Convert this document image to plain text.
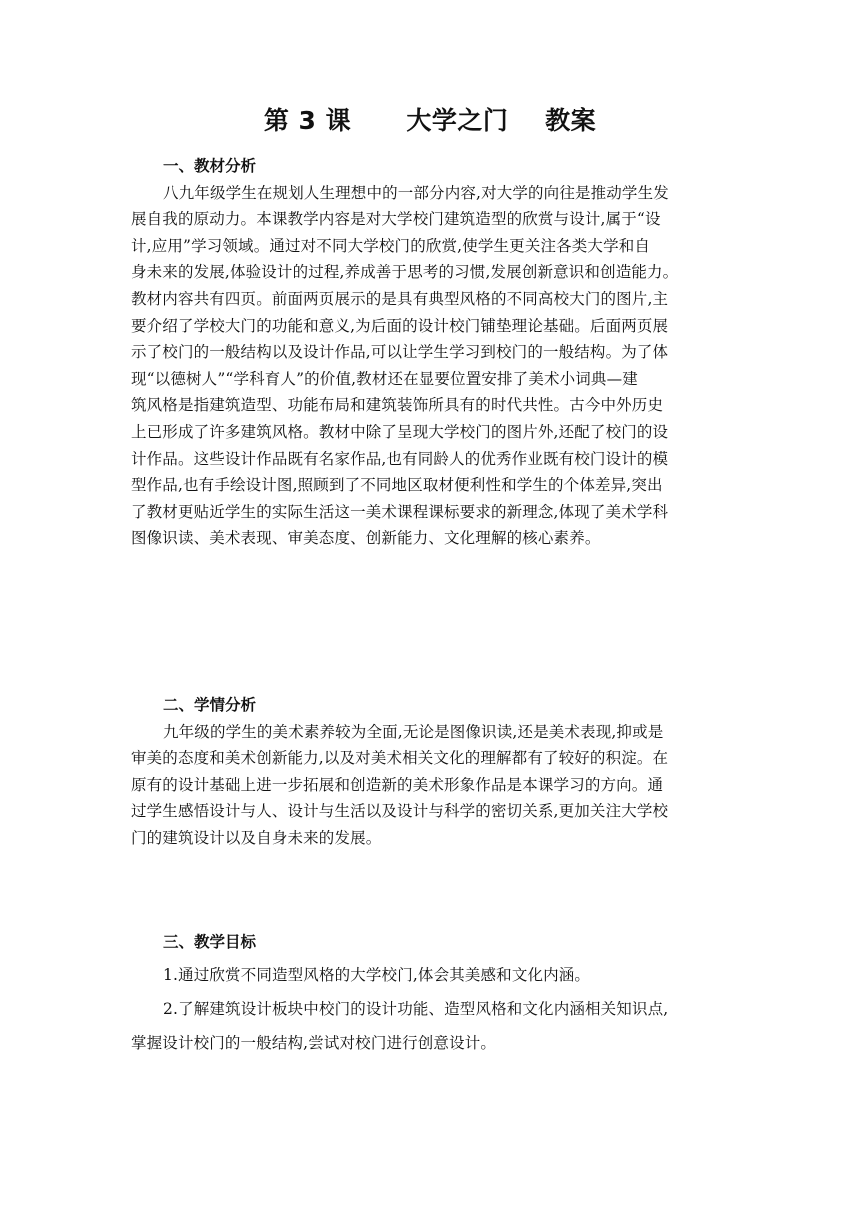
第 3 课      大学之门    教案
一、教材分析
八九年级学生在规划人生理想中的一部分内容,对大学的向往是推动学生发
展自我的原动力。本课教学内容是对大学校门建筑造型的欣赏与设计,属于“设
计,应用”学习领域。通过对不同大学校门的欣赏,使学生更关注各类大学和自
身未来的发展,体验设计的过程,养成善于思考的习惯,发展创新意识和创造能力。
教材内容共有四页。前面两页展示的是具有典型风格的不同高校大门的图片,主
要介绍了学校大门的功能和意义,为后面的设计校门铺垫理论基础。后面两页展
示了校门的一般结构以及设计作品,可以让学生学习到校门的一般结构。为了体
现“以德树人”“学科育人”的价值,教材还在显要位置安排了美术小词典—建
筑风格是指建筑造型、功能布局和建筑装饰所具有的时代共性。古今中外历史
上已形成了许多建筑风格。教材中除了呈现大学校门的图片外,还配了校门的设
计作品。这些设计作品既有名家作品,也有同龄人的优秀作业既有校门设计的模
型作品,也有手绘设计图,照顾到了不同地区取材便利性和学生的个体差异,突出
了教材更贴近学生的实际生活这一美术课程课标要求的新理念,体现了美术学科
图像识读、美术表现、审美态度、创新能力、文化理解的核心素养。
二、学情分析
九年级的学生的美术素养较为全面,无论是图像识读,还是美术表现,抑或是
审美的态度和美术创新能力,以及对美术相关文化的理解都有了较好的积淀。在
原有的设计基础上进一步拓展和创造新的美术形象作品是本课学习的方向。通
过学生感悟设计与人、设计与生活以及设计与科学的密切关系,更加关注大学校
门的建筑设计以及自身未来的发展。
三、教学目标
1.通过欣赏不同造型风格的大学校门,体会其美感和文化内涵。
2.了解建筑设计板块中校门的设计功能、造型风格和文化内涵相关知识点,
掌握设计校门的一般结构,尝试对校门进行创意设计。
